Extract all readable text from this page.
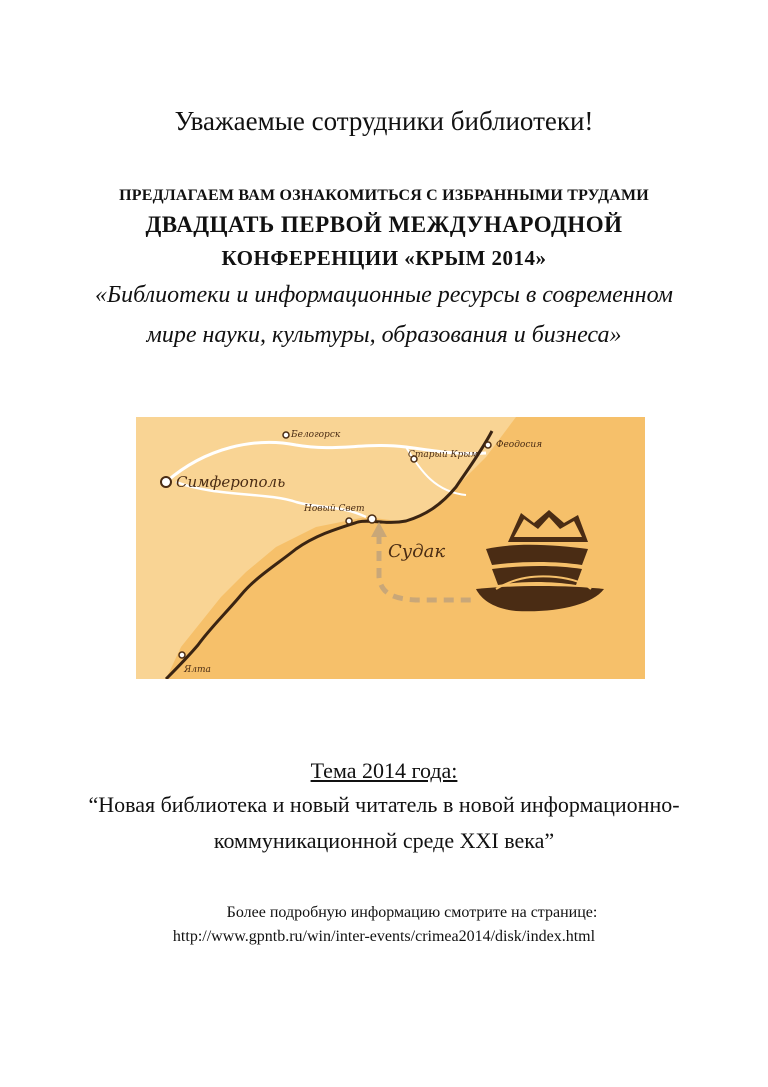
Уважаемые сотрудники библиотеки!
ПРЕДЛАГАЕМ ВАМ ОЗНАКОМИТЬСЯ С ИЗБРАННЫМИ ТРУДАМИ
ДВАДЦАТЬ ПЕРВОЙ МЕЖДУНАРОДНОЙ
КОНФЕРЕНЦИИ «КРЫМ 2014»
«Библиотеки и информационные ресурсы в современном
мире науки, культуры, образования и бизнеса»
Симферополь
Белогорск
Феодосия
Старый Крым
Новый Свет
Судак
Ялта
Тема 2014 года:
“Новая библиотека и новый читатель в новой информационно-
коммуникационной среде XXI века”
Более подробную информацию смотрите на странице:
http://www.gpntb.ru/win/inter-events/crimea2014/disk/index.html
